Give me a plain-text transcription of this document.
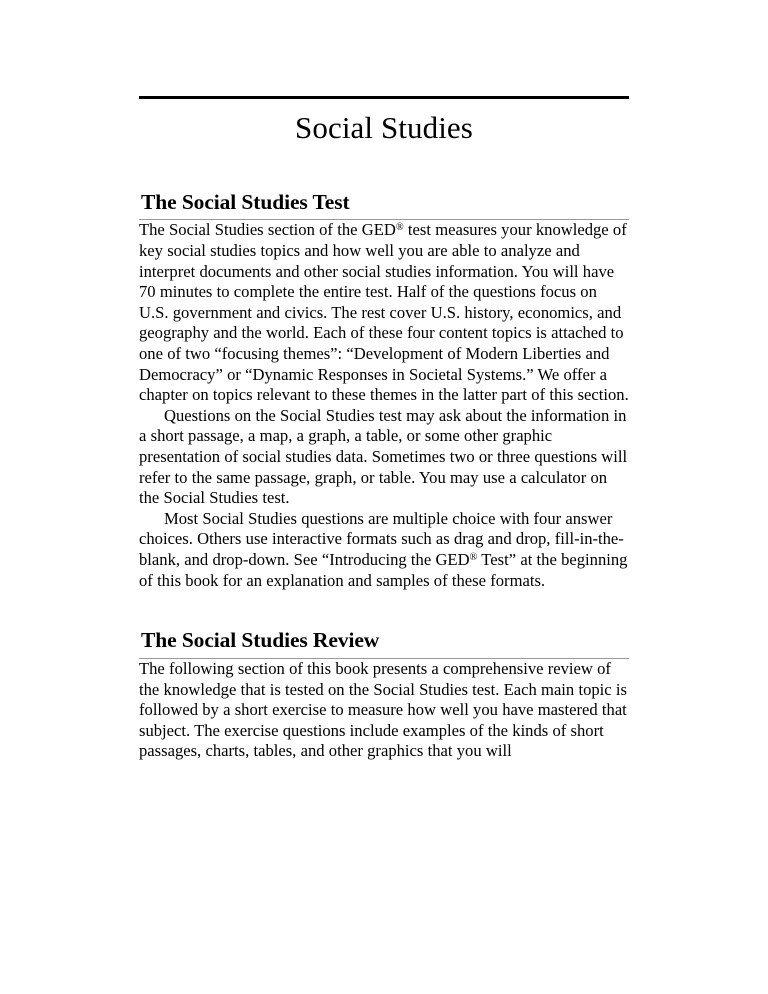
Social Studies
The Social Studies Test

The Social Studies section of the GED® test measures your knowledge of key social studies topics and how well you are able to analyze and interpret documents and other social studies information. You will have 70 minutes to complete the entire test. Half of the questions focus on U.S. government and civics. The rest cover U.S. history, economics, and geography and the world. Each of these four content topics is attached to one of two “focusing themes”: “Development of Modern Liberties and Democracy” or “Dynamic Responses in Societal Systems.” We offer a chapter on topics relevant to these themes in the latter part of this section.

Questions on the Social Studies test may ask about the information in a short passage, a map, a graph, a table, or some other graphic presentation of social studies data. Sometimes two or three questions will refer to the same passage, graph, or table. You may use a calculator on the Social Studies test.

Most Social Studies questions are multiple choice with four answer choices. Others use interactive formats such as drag and drop, fill-in-the-blank, and drop-down. See “Introducing the GED® Test” at the beginning of this book for an explanation and samples of these formats.

The Social Studies Review

The following section of this book presents a comprehensive review of the knowledge that is tested on the Social Studies test. Each main topic is followed by a short exercise to measure how well you have mastered that subject. The exercise questions include examples of the kinds of short passages, charts, tables, and other graphics that you will
